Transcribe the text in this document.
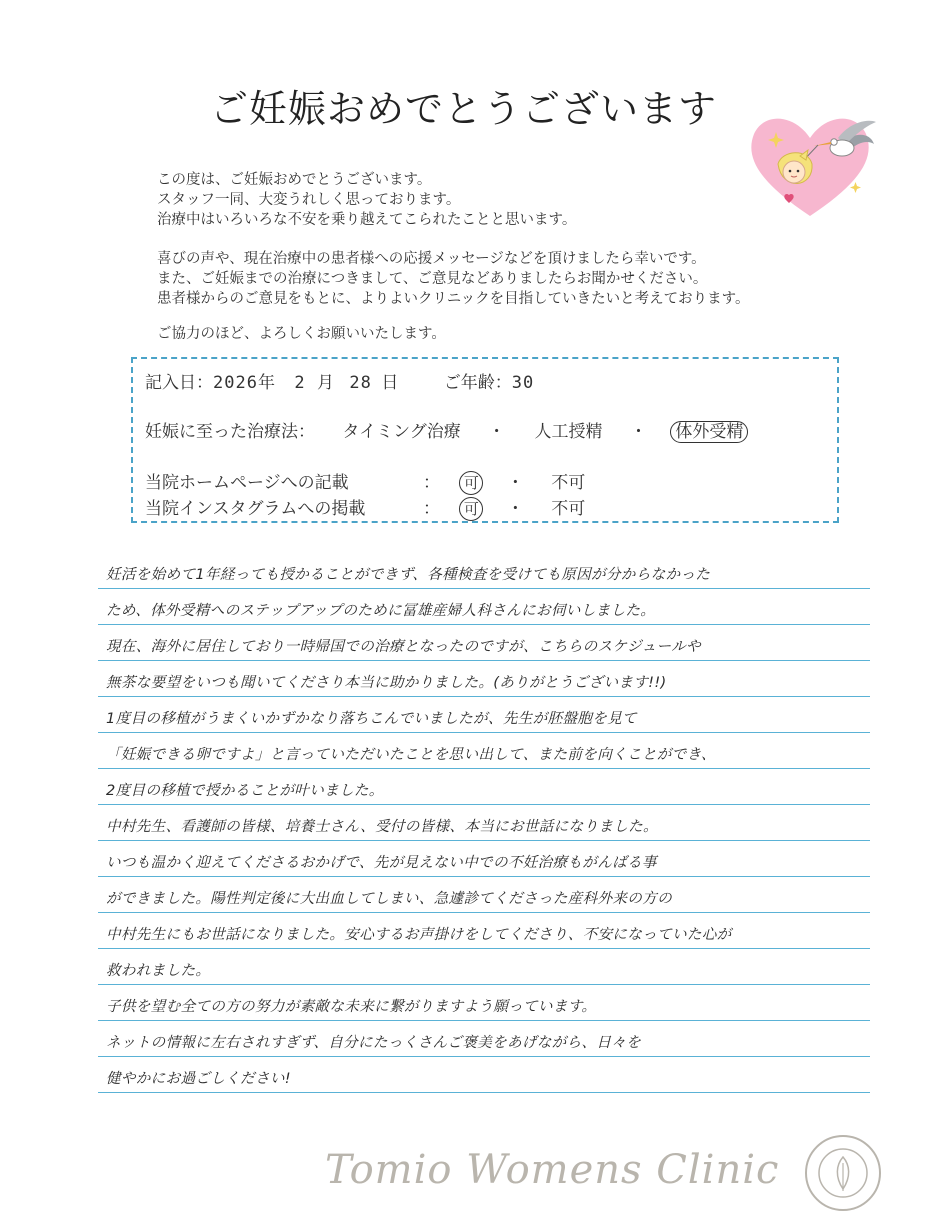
ご妊娠おめでとうございます
この度は、ご妊娠おめでとうございます。
スタッフ一同、大変うれしく思っております。
治療中はいろいろな不安を乗り越えてこられたことと思います。
喜びの声や、現在治療中の患者様への応援メッセージなどを頂けましたら幸いです。
また、ご妊娠までの治療につきまして、ご意見などありましたらお聞かせください。
患者様からのご意見をもとに、よりよいクリニックを目指していきたいと考えております。
ご協力のほど、よろしくお願いいたします。
記入日：2026年 2 月 28 日	ご年齢：30
妊娠に至った治療法： タイミング治療 ・ 人工授精 ・ 体外受精
当院ホームページへの記載	： 可 ・ 不可
当院インスタグラムへの掲載	： 可 ・ 不可
妊活を始めて1年経っても授かることができず、各種検査を受けても原因が分からなかった
ため、体外受精へのステップアップのために冨雄産婦人科さんにお伺いしました。
現在、海外に居住しており一時帰国での治療となったのですが、こちらのスケジュールや
無茶な要望をいつも聞いてくださり本当に助かりました。(ありがとうございます!!)
1度目の移植がうまくいかずかなり落ちこんでいましたが、先生が胚盤胞を見て
「妊娠できる卵ですよ」と言っていただいたことを思い出して、また前を向くことができ、
2度目の移植で授かることが叶いました。
中村先生、看護師の皆様、培養士さん、受付の皆様、本当にお世話になりました。
いつも温かく迎えてくださるおかげで、先が見えない中での不妊治療もがんばる事
ができました。陽性判定後に大出血してしまい、急遽診てくださった産科外来の方の
中村先生にもお世話になりました。安心するお声掛けをしてくださり、不安になっていた心が
救われました。
子供を望む全ての方の努力が素敵な未来に繋がりますよう願っています。
ネットの情報に左右されすぎず、自分にたっくさんご褒美をあげながら、日々を
健やかにお過ごしください!
Tomio Womens Clinic
